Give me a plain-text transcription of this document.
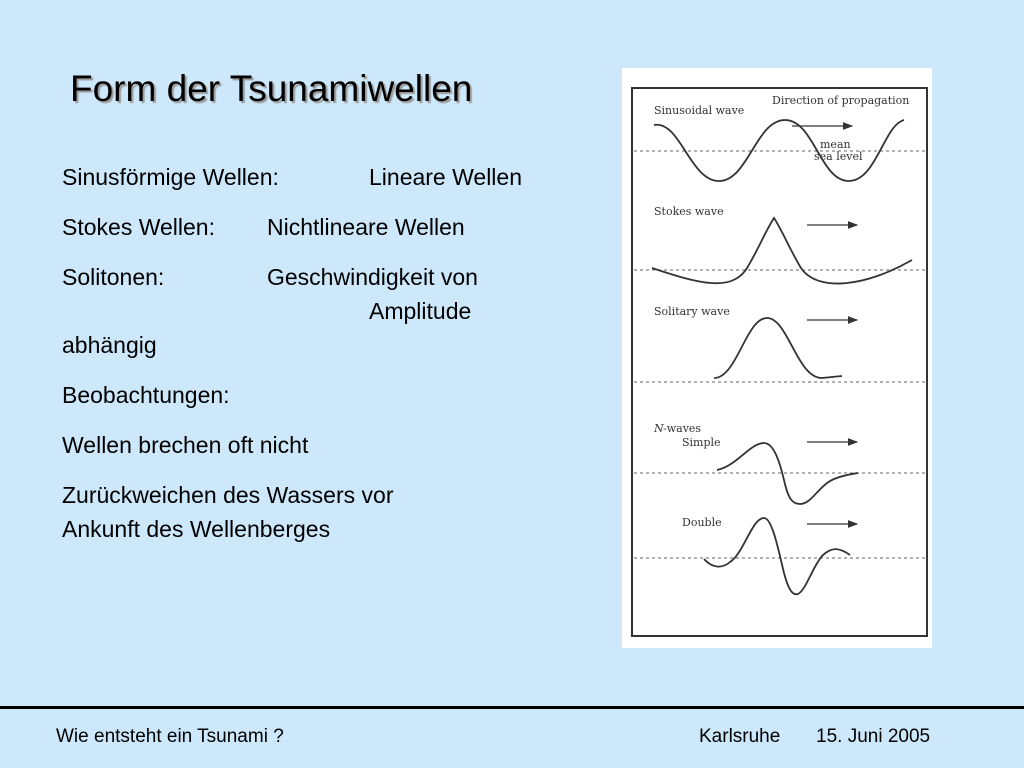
Form der Tsunamiwellen
Sinusförmige Wellen:	Lineare Wellen
Stokes Wellen: Nichtlineare Wellen
Solitonen:	Geschwindigkeit von
Amplitude
abhängig
Beobachtungen:
Wellen brechen oft nicht
Zurückweichen des Wassers vor
Ankunft des Wellenberges
Sinusoidal wave
Direction of propagation
mean
sea level
Stokes wave
Solitary wave
N -waves
Simple
Double
Wie entsteht ein Tsunami ?	Karlsruhe 15. Juni 2005
